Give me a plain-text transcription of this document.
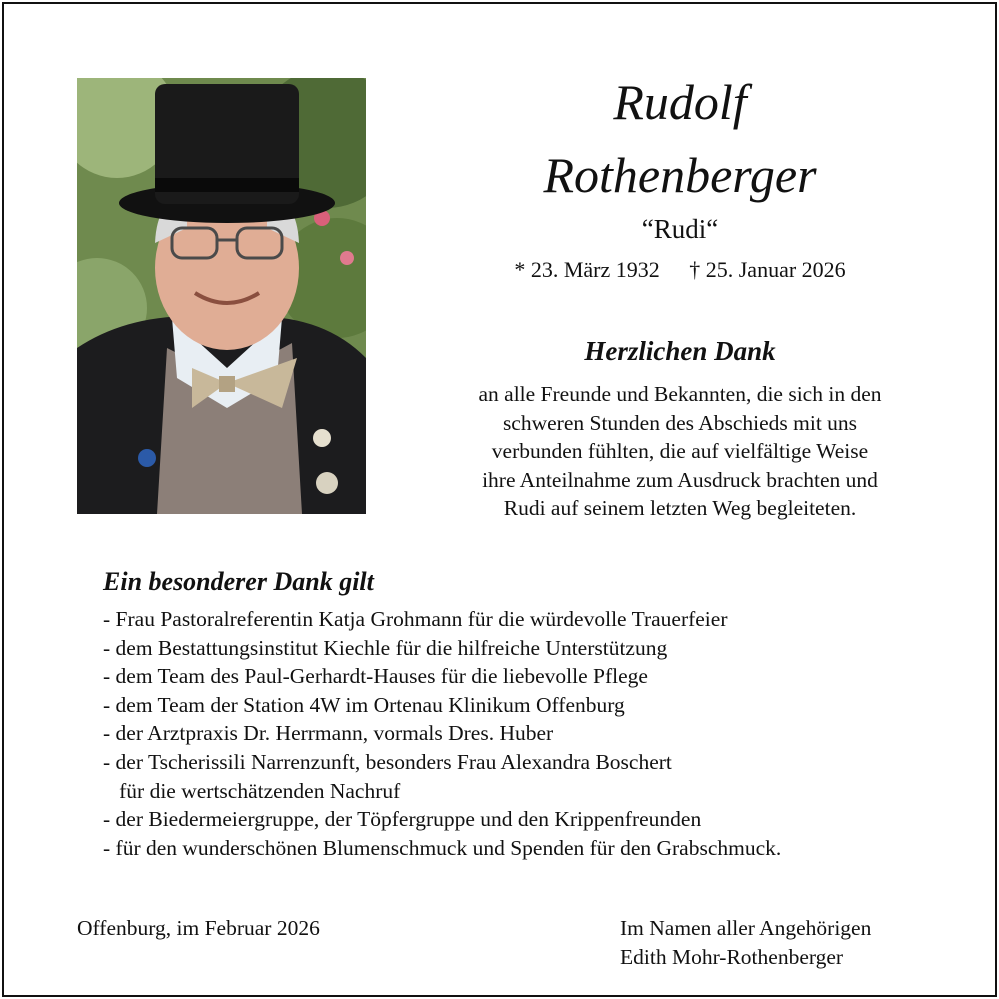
Rudolf
Rothenberger
“Rudi“
* 23. März 1932 † 25. Januar 2026
Herzlichen Dank
an alle Freunde und Bekannten, die sich in den
schweren Stunden des Abschieds mit uns
verbunden fühlten, die auf vielfältige Weise
ihre Anteilnahme zum Ausdruck brachten und
Rudi auf seinem letzten Weg begleiteten.
Ein besonderer Dank gilt
- Frau Pastoralreferentin Katja Grohmann für die würdevolle Trauerfeier
- dem Bestattungsinstitut Kiechle für die hilfreiche Unterstützung
- dem Team des Paul-Gerhardt-Hauses für die liebevolle Pflege
- dem Team der Station 4W im Ortenau Klinikum Offenburg
- der Arztpraxis Dr. Herrmann, vormals Dres. Huber
- der Tscherissili Narrenzunft, besonders Frau Alexandra Boschert
für die wertschätzenden Nachruf
- der Biedermeiergruppe, der Töpfergruppe und den Krippenfreunden
- für den wunderschönen Blumenschmuck und Spenden für den Grabschmuck.
Offenburg, im Februar 2026	Im Namen aller Angehörigen
Edith Mohr-Rothenberger
